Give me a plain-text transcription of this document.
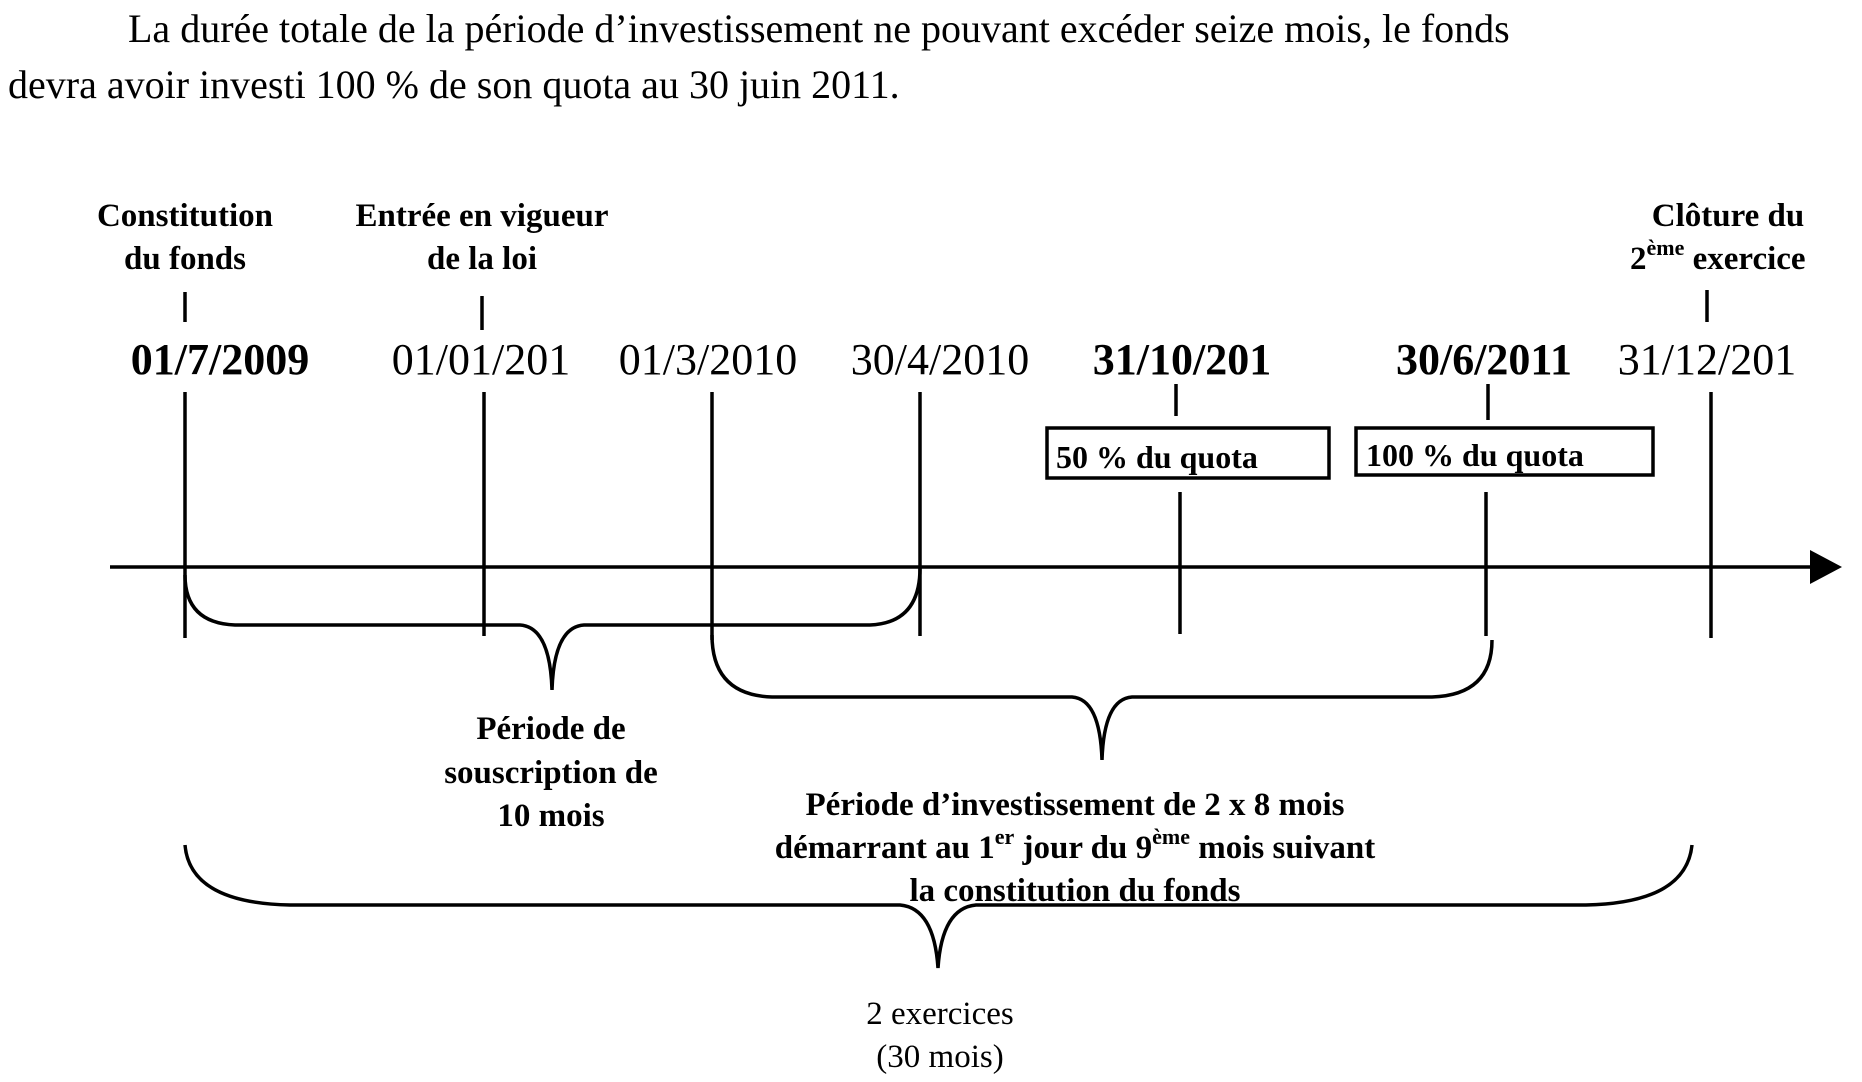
La durée totale de la période d’investissement ne pouvant excéder seize mois, le fonds
devra avoir investi 100 % de son quota au 30 juin 2011.
Constitution
du fonds
Entrée en vigueur
de la loi
Clôture du
2ème exercice
01/7/2009 01/01/201 01/3/2010 30/4/2010 31/10/201	30/6/2011 31/12/201
50 % du quota	100 % du quota
Période de
souscription de
10 mois	Période d’investissement de 2 x 8 mois
démarrant au 1er jour du 9ème mois suivant
la constitution du fonds
2 exercices
(30 mois)
